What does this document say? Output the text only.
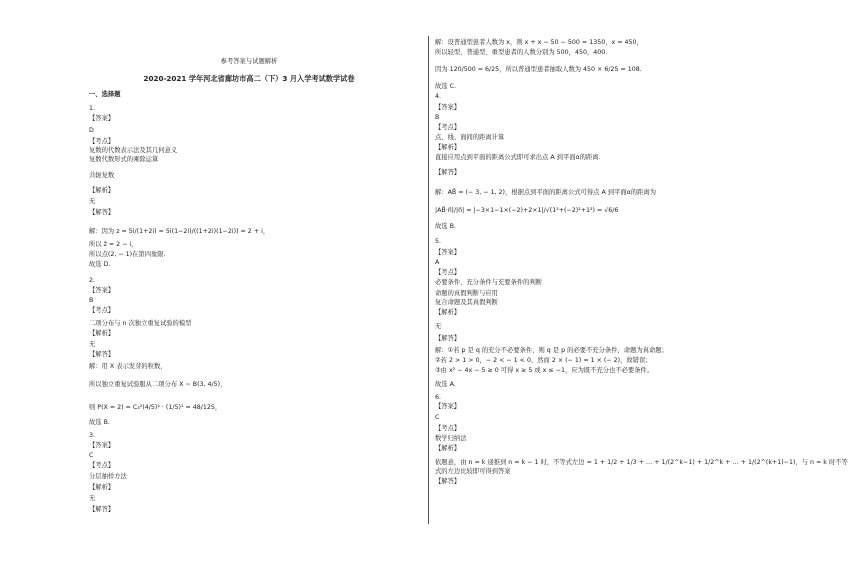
参考答案与试题解析
2020-2021 学年河北省廊坊市高二（下）3 月入学考试数学试卷
一、选择题
1.
【答案】
D
【考点】
复数的代数表示法及其几何意义
复数代数形式的乘除运算
共轭复数
【解析】
无
【解答】
解：因为 z = 5i/(1+2i) = 5i(1−2i)/((1+2i)(1−2i)) = 2 + i，
所以 z̄ = 2 − i，
所以点(2, − 1)在第四象限.
故选 D.
2.
【答案】
B
【考点】
二项分布与 n 次独立重复试验的模型
【解析】
无
【解答】
解：用 X 表示发芽的粒数，
所以独立重复试验服从二项分布 X ∼ B(3, 4/5)，
则 P(X = 2) = C₃²(4/5)² · (1/5)¹ = 48/125，
故选 B.
3.
【答案】
C
【考点】
分层抽样方法
【解析】
无
【解答】
解：设普通型患者人数为 x，则 x + x − 50 − 500 = 1350，x = 450，
所以轻型、普通型、重型患者的人数分别为 500，450，400.
因为 120/500 = 6/25，所以普通型患者抽取人数为 450 × 6/25 = 108.
故选 C.
4.
【答案】
B
【考点】
点、线、面间的距离计算
【解析】
直接应用点到平面的距离公式即可求出点 A 到平面α的距离.
【解答】
解：AB⃗ = (− 3, − 1, 2)，根据点到平面的距离公式可得点 A 到平面α的距离为
|AB⃗·n⃗|/|n⃗| = |−3×1−1×(−2)+2×1|/√(1²+(−2)²+1²) = √6/6
故选 B.
5.
【答案】
A
【考点】
必要条件、充分条件与充要条件的判断
命题的真假判断与应用
复合命题及其真假判断
【解析】
无
【解答】
解：①若 p 是 q 的充分不必要条件，则 q 是 p 的必要不充分条件，命题为真命题；
②若 2 > 1 > 0，− 2 < − 1 < 0，然而 2 × (− 1) = 1 × (− 2)，故错误；
③由 x² − 4x − 5 ≥ 0 可得 x ≥ 5 或 x ≤ −1，应为既不充分也不必要条件。
故选 A.
6.
【答案】
C
【考点】
数学归纳法
【解析】
依题意，由 n = k 递推到 n = k − 1 时，不等式左边 = 1 + 1/2 + 1/3 + … + 1/(2^k−1) + 1/2^k + … + 1/(2^(k+1)−1)，与 n = k 时不等
式的左边比较即可得到答案
【解答】
